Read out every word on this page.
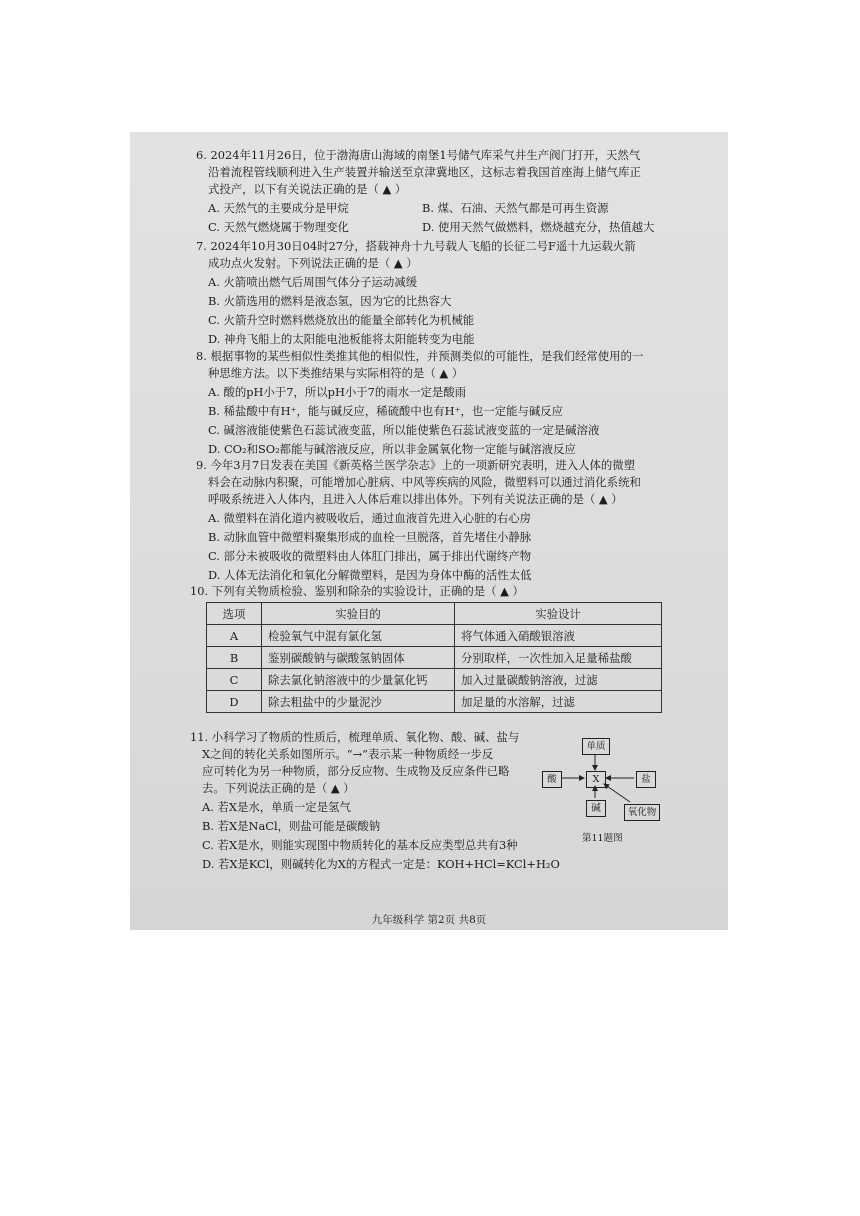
6. 2024年11月26日，位于渤海唐山海域的南堡1号储气库采气井生产阀门打开，天然气
沿着流程管线顺利进入生产装置并输送至京津冀地区，这标志着我国首座海上储气库正
式投产，以下有关说法正确的是（ ▲ ）
A. 天然气的主要成分是甲烷	B. 煤、石油、天然气都是可再生资源
C. 天然气燃烧属于物理变化	D. 使用天然气做燃料，燃烧越充分，热值越大
7. 2024年10月30日04时27分，搭载神舟十九号载人飞船的长征二号F遥十九运载火箭
成功点火发射。下列说法正确的是（ ▲ ）
A. 火箭喷出燃气后周围气体分子运动减缓
B. 火箭选用的燃料是液态氢，因为它的比热容大
C. 火箭升空时燃料燃烧放出的能量全部转化为机械能
D. 神舟飞船上的太阳能电池板能将太阳能转变为电能
8. 根据事物的某些相似性类推其他的相似性，并预测类似的可能性，是我们经常使用的一
种思维方法。以下类推结果与实际相符的是（ ▲ ）
A. 酸的pH小于7，所以pH小于7的雨水一定是酸雨
B. 稀盐酸中有H⁺，能与碱反应，稀硫酸中也有H⁺，也一定能与碱反应
C. 碱溶液能使紫色石蕊试液变蓝，所以能使紫色石蕊试液变蓝的一定是碱溶液
D. CO₂和SO₂都能与碱溶液反应，所以非金属氧化物一定能与碱溶液反应
9. 今年3月7日发表在美国《新英格兰医学杂志》上的一项新研究表明，进入人体的微塑
料会在动脉内积聚，可能增加心脏病、中风等疾病的风险，微塑料可以通过消化系统和
呼吸系统进入人体内，且进入人体后难以排出体外。下列有关说法正确的是（ ▲ ）
A. 微塑料在消化道内被吸收后，通过血液首先进入心脏的右心房
B. 动脉血管中微塑料聚集形成的血栓一旦脱落，首先堵住小静脉
C. 部分未被吸收的微塑料由人体肛门排出，属于排出代谢终产物
D. 人体无法消化和氧化分解微塑料，是因为身体中酶的活性太低
10. 下列有关物质检验、鉴别和除杂的实验设计，正确的是（ ▲ ）
选项	实验目的	实验设计
A	检验氧气中混有氯化氢	将气体通入硝酸银溶液
B	鉴别碳酸钠与碳酸氢钠固体	分别取样，一次性加入足量稀盐酸
C	除去氯化钠溶液中的少量氯化钙	加入过量碳酸钠溶液，过滤
D	除去粗盐中的少量泥沙	加足量的水溶解，过滤
11. 小科学习了物质的性质后，梳理单质、氧化物、酸、碱、盐与
X之间的转化关系如图所示。“→”表示某一种物质经一步反
应可转化为另一种物质，部分反应物、生成物及反应条件已略
去。下列说法正确的是（ ▲ ）
A. 若X是水，单质一定是氢气
B. 若X是NaCl，则盐可能是碳酸钠
C. 若X是水，则能实现图中物质转化的基本反应类型总共有3种
D. 若X是KCl，则碱转化为X的方程式一定是：KOH+HCl=KCl+H₂O
单质
X
酸	盐
碱	氧化物
第11题图
九年级科学 第2页 共8页
